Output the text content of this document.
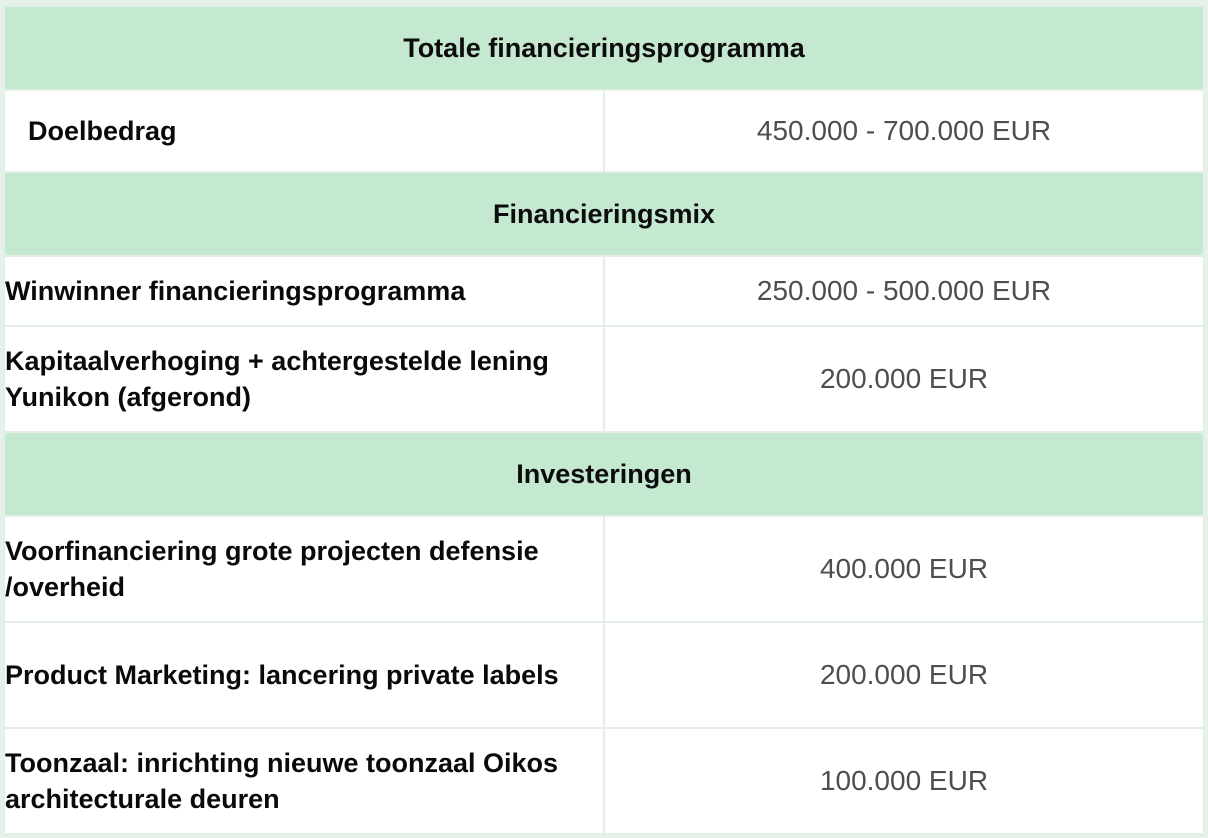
Totale financieringsprogramma	
Doelbedrag	450.000 - 700.000 EUR
Financieringsmix	
Winwinner financieringsprogramma	250.000 - 500.000 EUR
Kapitaalverhoging + achtergestelde lening Yunikon (afgerond)	200.000 EUR
Investeringen	
Voorfinanciering grote projecten defensie /overheid	400.000 EUR
Product Marketing: lancering private labels	200.000 EUR
Toonzaal: inrichting nieuwe toonzaal Oikos architecturale deuren	100.000 EUR
